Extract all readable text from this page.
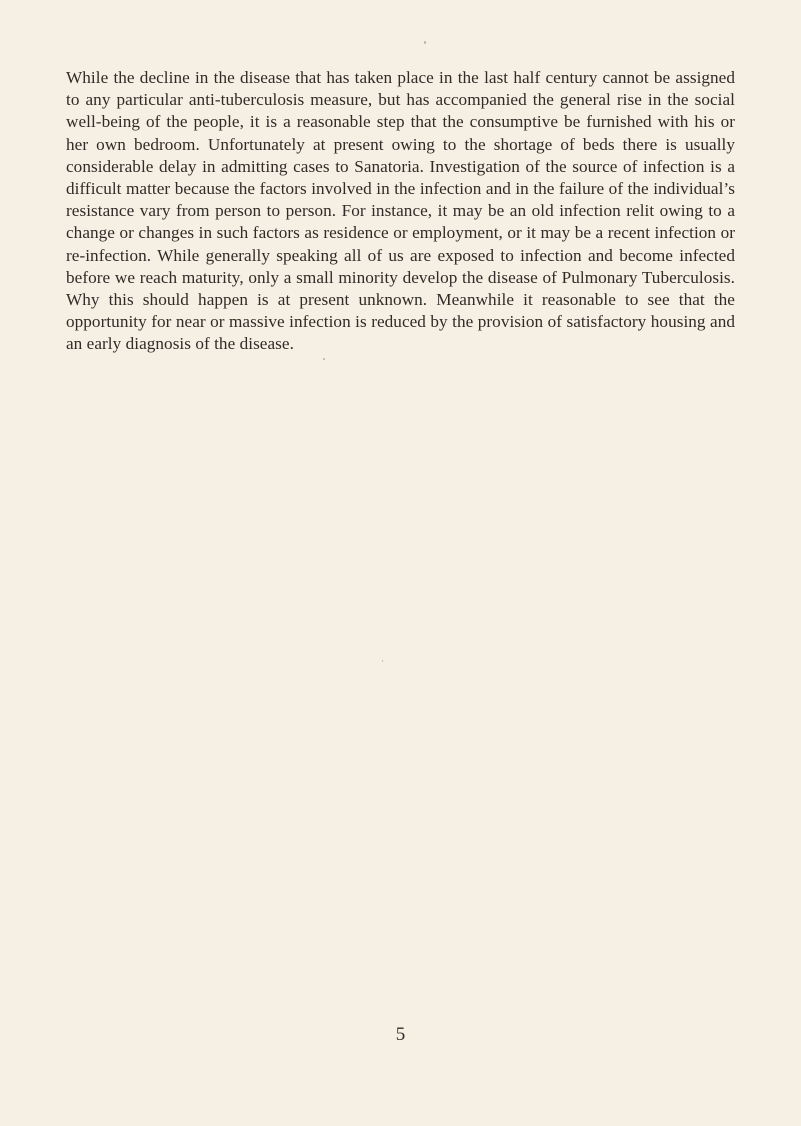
While the decline in the disease that has taken place in the last half century cannot be assigned to any particular anti-tuberculosis measure, but has accompanied the general rise in the social well-being of the people, it is a reasonable step that the consumptive be furnished with his or her own bedroom. Unfortunately at present owing to the shortage of beds there is usually considerable delay in admitting cases to Sanatoria. Investigation of the source of infection is a difficult matter because the factors involved in the infection and in the failure of the individual’s resistance vary from person to person. For instance, it may be an old infection relit owing to a change or changes in such factors as residence or employment, or it may be a recent infection or re-infection. While generally speaking all of us are exposed to infection and become infected before we reach maturity, only a small minority develop the disease of Pulmonary Tuberculosis. Why this should happen is at present unknown. Meanwhile it reasonable to see that the opportunity for near or massive infection is reduced by the provision of satisfactory housing and an early diagnosis of the disease.

5
